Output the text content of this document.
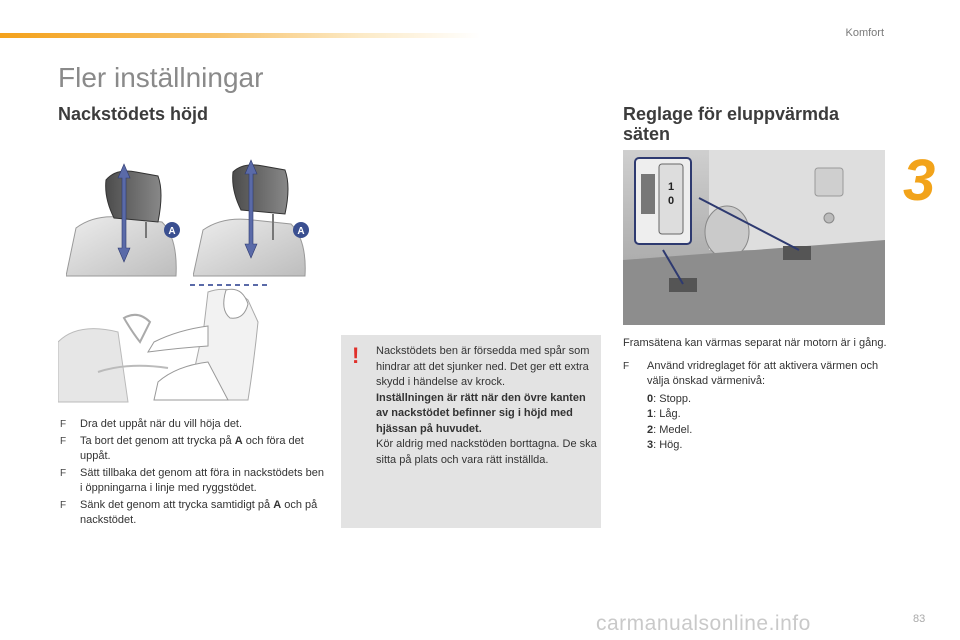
Komfort
3
Fler inställningar
Nackstödets höjd	Reglage för eluppvärmda säten
A	A
F Dra det uppåt när du vill höja det.
F Ta bort det genom att trycka på A och föra det uppåt.
F Sätt tillbaka det genom att föra in nackstödets ben i öppningarna i linje med ryggstödet.
F Sänk det genom att trycka samtidigt på A och på nackstödet.
! Nackstödets ben är försedda med spår som hindrar att det sjunker ned. Det ger ett extra skydd i händelse av krock.
Inställningen är rätt när den övre kanten av nackstödet befinner sig i höjd med hjässan på huvudet.
Kör aldrig med nackstöden borttagna. De ska sitta på plats och vara rätt inställda.
1
0

Framsätena kan värmas separat när motorn är i gång.

F Använd vridreglaget för att aktivera värmen och välja önskad värmenivå:
0: Stopp.
1: Låg.
2: Medel.
3: Hög.
carmanualsonline.info	83
